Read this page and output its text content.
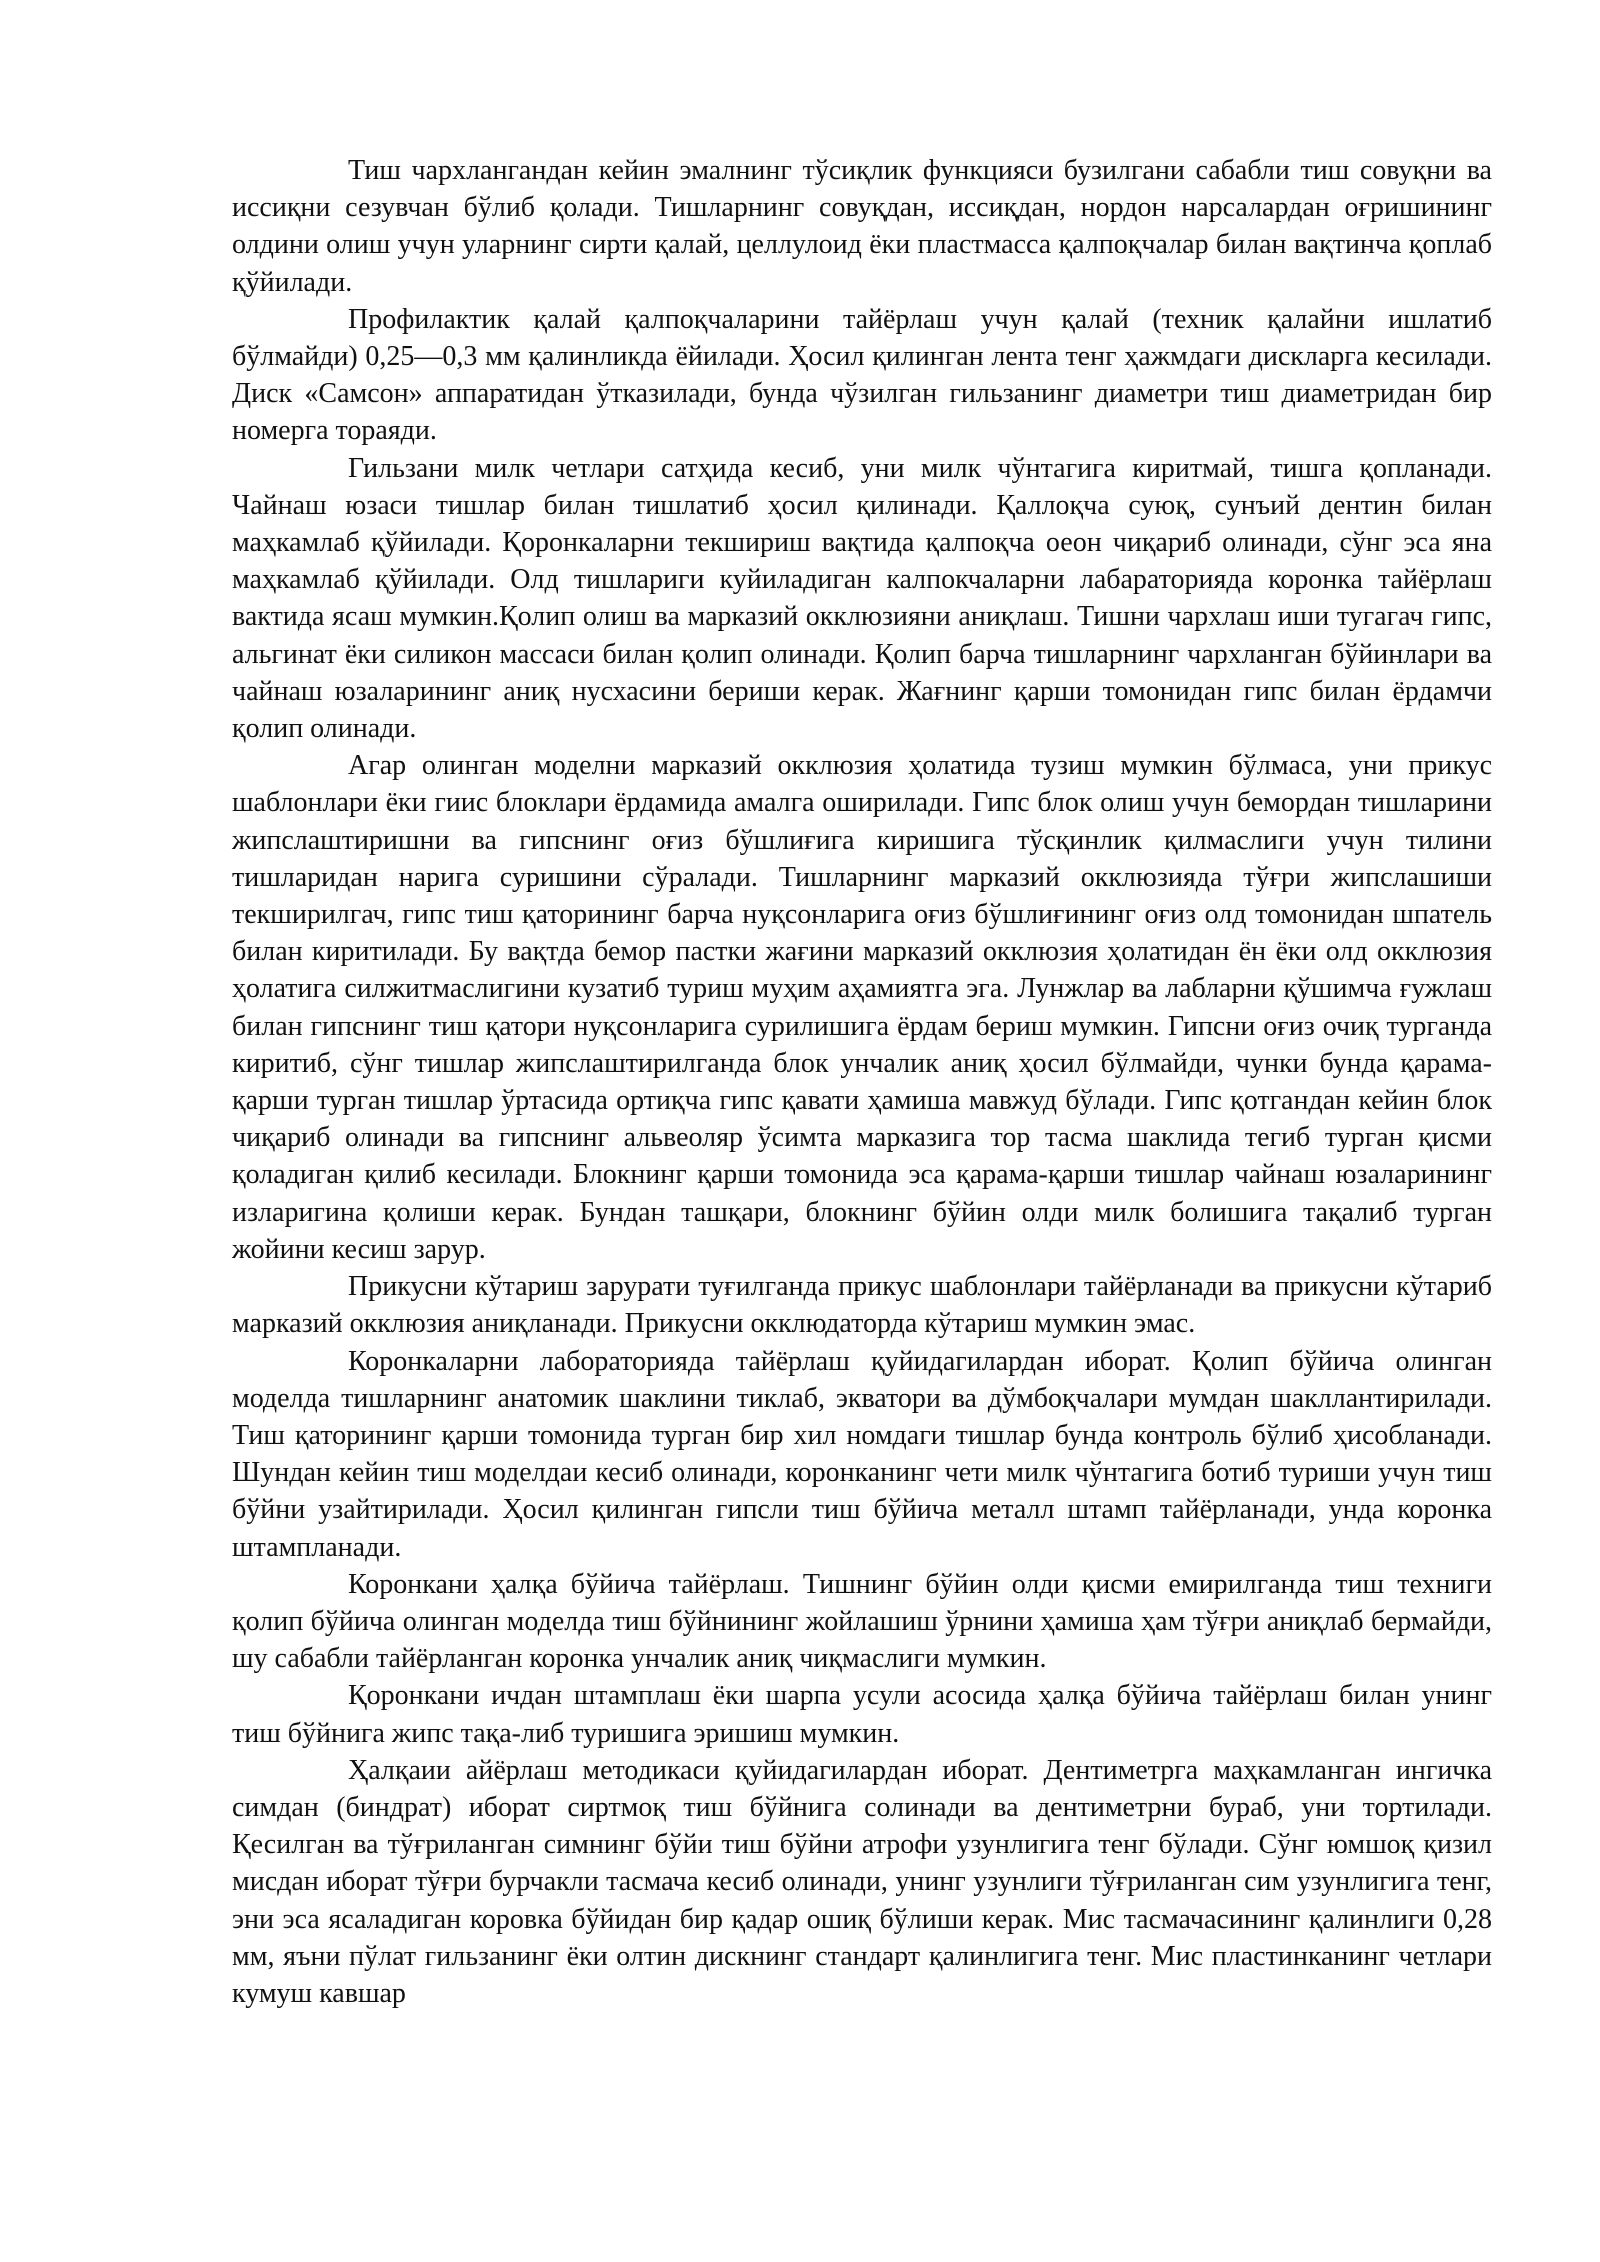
Тиш чархлангандан кейин эмалнинг тўсиқлик функцияси бузилгани сабабли тиш совуқни ва иссиқни сезувчан бўлиб қолади. Тишларнинг совуқдан, иссиқдан, нордон нарсалардан оғришининг олдини олиш учун уларнинг сирти қалай, целлулоид ёки пластмасса қалпоқчалар билан вақтинча қоплаб қўйилади.

Профилактик қалай қалпоқчаларини тайёрлаш учун қалай (техник қалайни ишлатиб бўлмайди) 0,25—0,3 мм қалинликда ёйилади. Ҳосил қилинган лента тенг ҳажмдаги дискларга кесилади. Диск «Самсон» аппаратидан ўтказилади, бунда чўзилган гильзанинг диаметри тиш диаметридан бир номерга тораяди.

Гильзани милк четлари сатҳида кесиб, уни милк чўнтагига киритмай, тишга қопланади. Чайнаш юзаси тишлар билан тишлатиб ҳосил қилинади. Қаллоқча суюқ, сунъий дентин билан маҳкамлаб қўйилади. Қоронкаларни текшириш вақтида қалпоқча оеон чиқариб олинади, сўнг эса яна маҳкамлаб қўйилади. Олд тишлариги куйиладиган калпокчаларни лабараторияда коронка тайёрлаш вактида ясаш мумкин.Қолип олиш ва марказий окклюзияни аниқлаш. Тишни чархлаш иши тугагач гипс, альгинат ёки силикон массаси билан қолип олинади. Қолип барча тишларнинг чархланган бўйинлари ва чайнаш юзаларининг аниқ нусхасини бериши керак. Жағнинг қарши томонидан гипс билан ёрдамчи қолип олинади.

Агар олинган моделни марказий окклюзия ҳолатида тузиш мумкин бўлмаса, уни прикус шаблонлари ёки гиис блоклари ёрдамида амалга оширилади. Гипс блок олиш учун бемордан тишларини жипслаштиришни ва гипснинг оғиз бўшлиғига киришига тўсқинлик қилмаслиги учун тилини тишларидан нарига суришини сўралади. Тишларнинг марказий окклюзияда тўғри жипслашиши текширилгач, гипс тиш қаторининг барча нуқсонларига оғиз бўшлиғининг оғиз олд томонидан шпатель билан киритилади. Бу вақтда бемор пастки жағини марказий окклюзия ҳолатидан ён ёки олд окклюзия ҳолатига силжитмаслигини кузатиб туриш муҳим аҳамиятга эга. Лунжлар ва лабларни қўшимча ғужлаш билан гипснинг тиш қатори нуқсонларига сурилишига ёрдам бериш мумкин. Гипсни оғиз очиқ турганда киритиб, сўнг тишлар жипслаштирилганда блок унчалик аниқ ҳосил бўлмайди, чунки бунда қарама-қарши турган тишлар ўртасида ортиқча гипс қавати ҳамиша мавжуд бўлади. Гипс қотгандан кейин блок чиқариб олинади ва гипснинг альвеоляр ўсимта марказига тор тасма шаклида тегиб турган қисми қоладиган қилиб кесилади. Блокнинг қарши томонида эса қарама-қарши тишлар чайнаш юзаларининг изларигина қолиши керак. Бундан ташқари, блокнинг бўйин олди милк болишига тақалиб турган жойини кесиш зарур.

Прикусни кўтариш зарурати туғилганда прикус шаблонлари тайёрланади ва прикусни кўтариб марказий окклюзия аниқланади. Прикусни окклюдаторда кўтариш мумкин эмас.

Коронкаларни лабораторияда тайёрлаш қуйидагилардан иборат. Қолип бўйича олинган моделда тишларнинг анатомик шаклини тиклаб, экватори ва дўмбоқчалари мумдан шакллантирилади. Тиш қаторининг қарши томонида турган бир хил номдаги тишлар бунда контроль бўлиб ҳисобланади. Шундан кейин тиш моделдаи кесиб олинади, коронканинг чети милк чўнтагига ботиб туриши учун тиш бўйни узайтирилади. Ҳосил қилинган гипсли тиш бўйича металл штамп тайёрланади, унда коронка штампланади.

Коронкани ҳалқа бўйича тайёрлаш. Тишнинг бўйин олди қисми емирилганда тиш техниги қолип бўйича олинган моделда тиш бўйнининг жойлашиш ўрнини ҳамиша ҳам тўғри аниқлаб бермайди, шу сабабли тайёрланган коронка унчалик аниқ чиқмаслиги мумкин.

Қоронкани ичдан штамплаш ёки шарпа усули асосида ҳалқа бўйича тайёрлаш билан унинг тиш бўйнига жипс тақа-либ туришига эришиш мумкин.

Ҳалқаии айёрлаш методикаси қуйидагилардан иборат. Дентиметрга маҳкамланган ингичка симдан (биндрат) иборат сиртмоқ тиш бўйнига солинади ва дентиметрни бураб, уни тортилади. Қесилган ва тўғриланган симнинг бўйи тиш бўйни атрофи узунлигига тенг бўлади. Сўнг юмшоқ қизил мисдан иборат тўғри бурчакли тасмача кесиб олинади, унинг узунлиги тўғриланган сим узунлигига тенг, эни эса ясаладиган коровка бўйидан бир қадар ошиқ бўлиши керак. Мис тасмачасининг қалинлиги 0,28 мм, яъни пўлат гильзанинг ёки олтин дискнинг стандарт қалинлигига тенг. Мис пластинканинг четлари кумуш кавшар
